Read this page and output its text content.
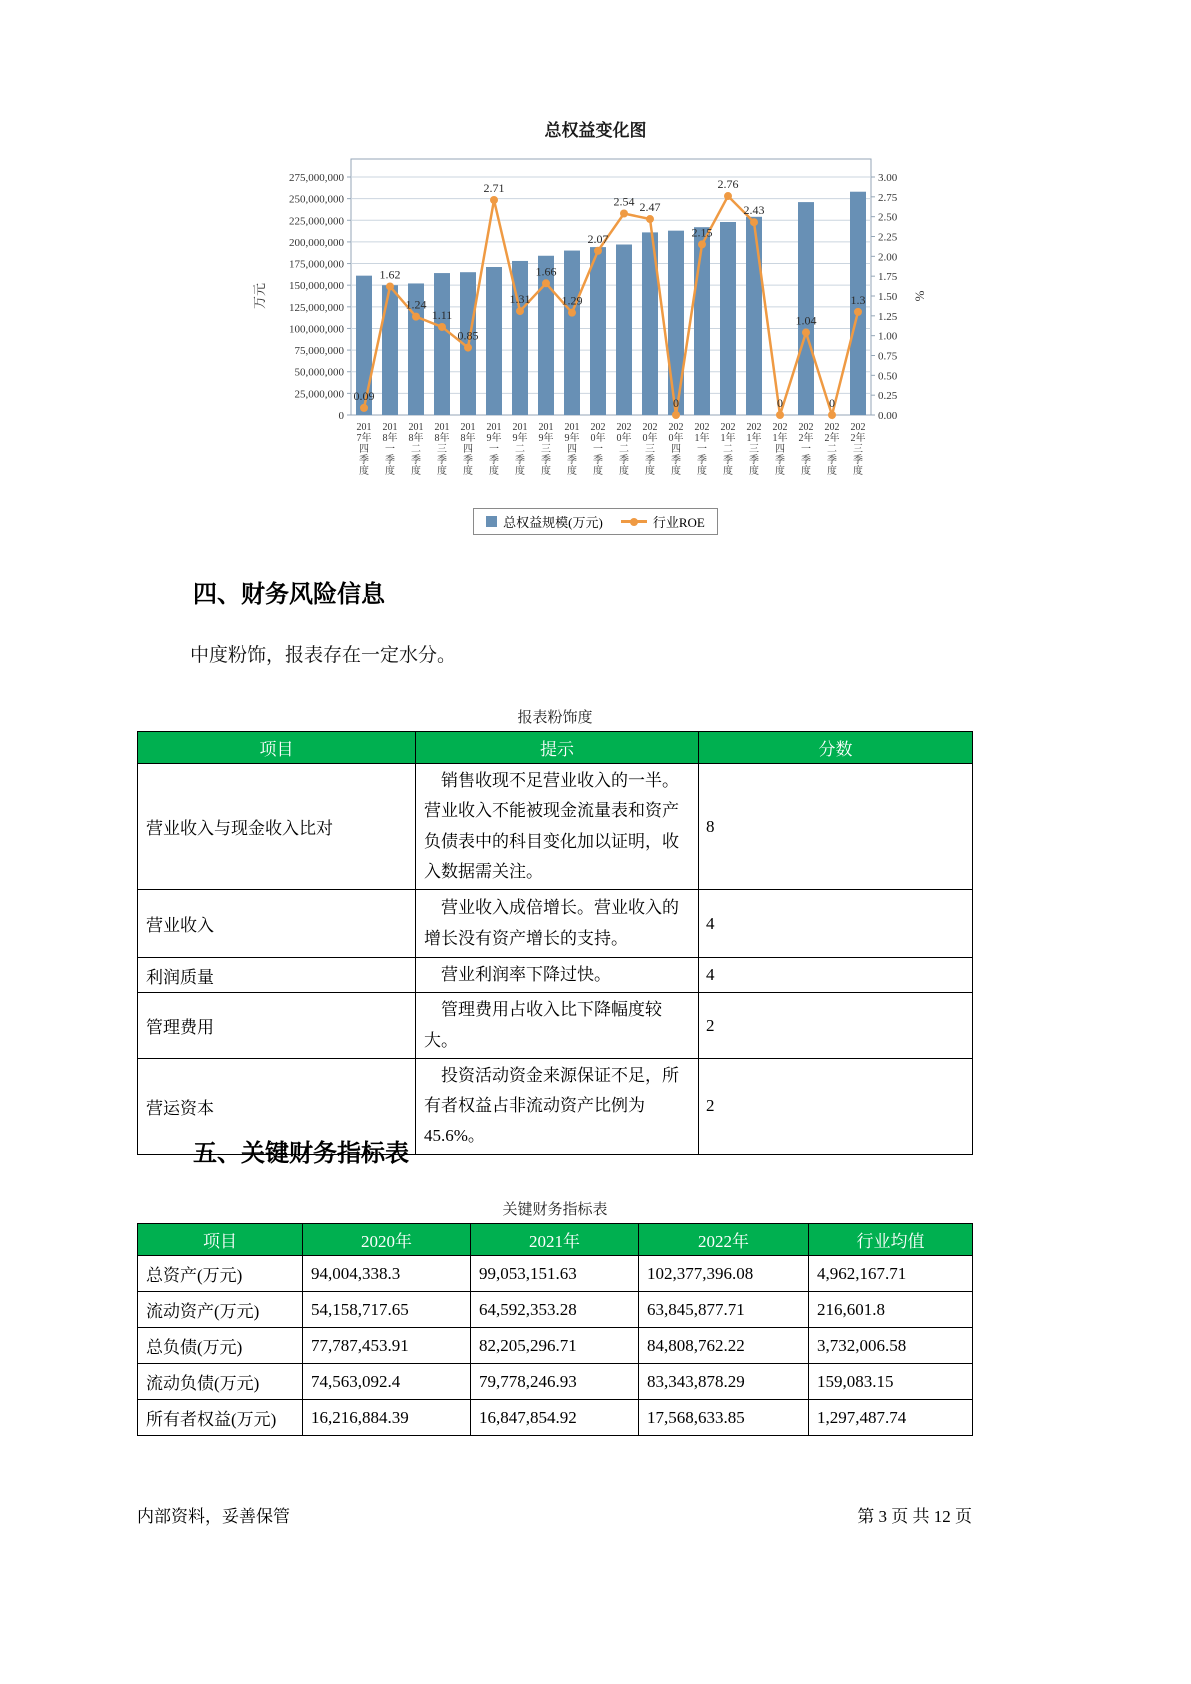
总权益变化图
0
25,000,000
50,000,000
75,000,000
100,000,000
125,000,000
150,000,000
175,000,000
200,000,000
225,000,000
250,000,000
275,000,000
0.00
0.25
0.50
0.75
1.00
1.25
1.50
1.75
2.00
2.25
2.50
2.75
3.00
万元	%
0.09
1.62
1.24
1.11
0.85
2.71
1.31
1.66
1.29
2.07
2.54 2.47
0
2.15
2.76
2.43
0
1.04
0
1.3
201 7年四季度
201 8年一季度
201 8年二季度
201 8年三季度
201 8年四季度
201 9年一季度
201 9年二季度
201 9年三季度
201 9年四季度
202 0年一季度
202 0年二季度
202 0年三季度
202 0年四季度
202 1年一季度
202 1年二季度
202 1年三季度
202 1年四季度
202 2年一季度
202 2年二季度
202 2年三季度

总权益规模(万元)	行业ROE
四、财务风险信息
中度粉饰，报表存在一定水分。
报表粉饰度
项目	提示	分数
营业收入与现金收入比对	销售收现不足营业收入的一半。营业收入不能被现金流量表和资产负债表中的科目变化加以证明，收入数据需关注。	8
营业收入	营业收入成倍增长。营业收入的增长没有资产增长的支持。	4
利润质量	营业利润率下降过快。	4
管理费用	管理费用占收入比下降幅度较大。	2
营运资本	投资活动资金来源保证不足，所有者权益占非流动资产比例为45.6%。	2
五、关键财务指标表
关键财务指标表
项目	2020年	2021年	2022年	行业均值
总资产(万元)	94,004,338.3	99,053,151.63	102,377,396.08	4,962,167.71
流动资产(万元)	54,158,717.65	64,592,353.28	63,845,877.71	216,601.8
总负债(万元)	77,787,453.91	82,205,296.71	84,808,762.22	3,732,006.58
流动负债(万元)	74,563,092.4	79,778,246.93	83,343,878.29	159,083.15
所有者权益(万元)	16,216,884.39	16,847,854.92	17,568,633.85	1,297,487.74
内部资料，妥善保管	第 3 页 共 12 页
